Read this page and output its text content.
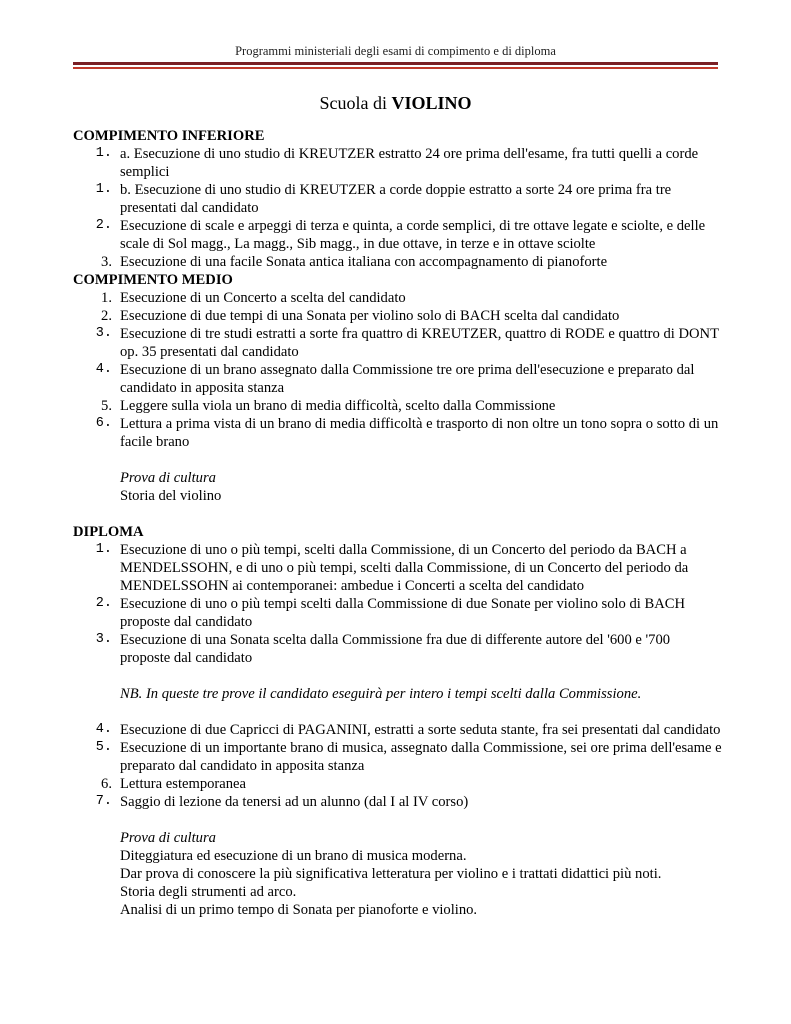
Programmi ministeriali degli esami di compimento e di diploma
Scuola di VIOLINO

COMPIMENTO INFERIORE

1. a. Esecuzione di uno studio di KREUTZER estratto 24 ore prima dell'esame, fra tutti quelli a corde semplici
1. b. Esecuzione di uno studio di KREUTZER a corde doppie estratto a sorte 24 ore prima fra tre presentati dal candidato
2. Esecuzione di scale e arpeggi di terza e quinta, a corde semplici, di tre ottave legate e sciolte, e delle scale di Sol magg., La magg., Sib magg., in due ottave, in terze e in ottave sciolte
3. Esecuzione di una facile Sonata antica italiana con accompagnamento di pianoforte

COMPIMENTO MEDIO

1. Esecuzione di un Concerto a scelta del candidato
2. Esecuzione di due tempi di una Sonata per violino solo di BACH scelta dal candidato
3. Esecuzione di tre studi estratti a sorte fra quattro di KREUTZER, quattro di RODE e quattro di DONT op. 35 presentati dal candidato
4. Esecuzione di un brano assegnato dalla Commissione tre ore prima dell'esecuzione e preparato dal candidato in apposita stanza
5. Leggere sulla viola un brano di media difficoltà, scelto dalla Commissione
6. Lettura a prima vista di un brano di media difficoltà e trasporto di non oltre un tono sopra o sotto di un facile brano

Prova di cultura

Storia del violino

DIPLOMA

1. Esecuzione di uno o più tempi, scelti dalla Commissione, di un Concerto del periodo da BACH a MENDELSSOHN, e di uno o più tempi, scelti dalla Commissione, di un Concerto del periodo da MENDELSSOHN ai contemporanei: ambedue i Concerti a scelta del candidato
2. Esecuzione di uno o più tempi scelti dalla Commissione di due Sonate per violino solo di BACH proposte dal candidato
3. Esecuzione di una Sonata scelta dalla Commissione fra due di differente autore del '600 e '700 proposte dal candidato

NB. In queste tre prove il candidato eseguirà per intero i tempi scelti dalla Commissione.

4. Esecuzione di due Capricci di PAGANINI, estratti a sorte seduta stante, fra sei presentati dal candidato
5. Esecuzione di un importante brano di musica, assegnato dalla Commissione, sei ore prima dell'esame e preparato dal candidato in apposita stanza
6. Lettura estemporanea
7. Saggio di lezione da tenersi ad un alunno (dal I al IV corso)

Prova di cultura

Diteggiatura ed esecuzione di un brano di musica moderna.

Dar prova di conoscere la più significativa letteratura per violino e i trattati didattici più noti.

Storia degli strumenti ad arco.

Analisi di un primo tempo di Sonata per pianoforte e violino.
